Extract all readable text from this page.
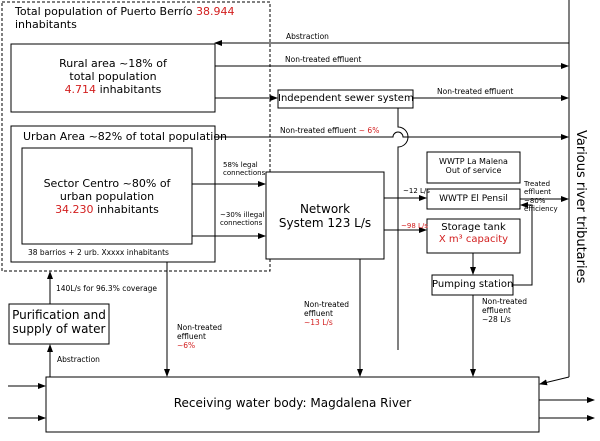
Total population of Puerto Berrío 38.944
inhabitants
Rural area ~18% of
total population
4.714 inhabitants
Urban Area ~82% of total population
Sector Centro ~80% of
urban population
34.230 inhabitants
38 barrios + 2 urb. Xxxxx inhabitants
Network
System 123 L/s
Independent sewer system
WWTP La Malena
Out of service
WWTP El Pensil
Storage tank
X m³ capacity
Pumping station
Purification and
supply of water
Receiving water body: Magdalena River
Various river tributaries
Abstraction
Non-treated effluent
Non-treated effluent
Non-treated effluent ~ 6%
58% legal
connections
~30% illegal
connections
~12 L/s
~98 L/s
Treated
effluent
~80%
efficiency
140L/s for 96.3% coverage
Non-treated
effluent
~13 L/s
Non-treated
effluent
~28 L/s
Non-treated
effluent
~6%
Abstraction
